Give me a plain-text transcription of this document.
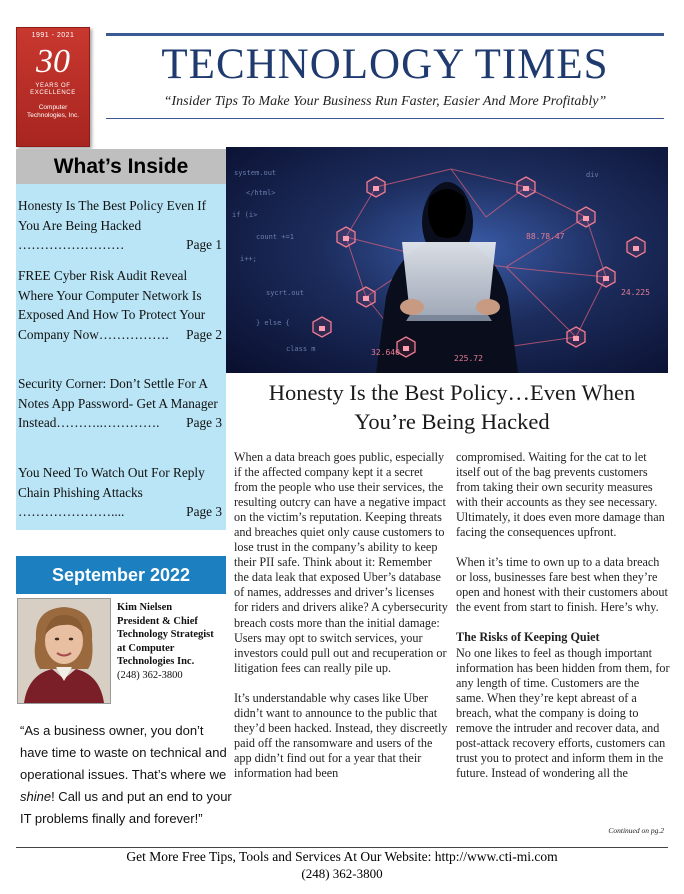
1991 - 2021
30
YEARS OF
EXCELLENCE
Computer Technologies, Inc.
TECHNOLOGY TIMES
“Insider Tips To Make Your Business Run Faster, Easier And More Profitably”
What’s Inside
Honesty Is The Best Policy Even If You Are Being Hacked ……………………	Page 1
FREE Cyber Risk Audit Reveal Where Your Computer Network Is Exposed And How To Protect Your Company Now……………. Page 2
Security Corner: Don’t Settle For A Notes App Password- Get A Manager Instead………..…………. Page 3
You Need To Watch Out For Reply Chain Phishing Attacks …………………....	Page 3
September 2022
Kim Nielsen
President & Chief Technology Strategist at Computer Technologies Inc.
(248) 362-3800
“As a business owner, you don’t have time to waste on technical and operational issues. That’s where we shine! Call us and put an end to your IT problems finally and forever!”
system.out
</html>
if (i>
count +=1
i++;
sycrt.out
} else {
class m
div
88.78.47
24.225
32.640
225.72
Honesty Is the Best Policy…Even When You’re Being Hacked

When a data breach goes public, especially if the affected company kept it a secret from the people who use their services, the resulting outcry can have a negative impact on the victim’s reputation. Keeping threats and breaches quiet only cause customers to lose trust in the company’s ability to keep their PII safe. Think about it: Remember the data leak that exposed Uber’s database of names, addresses and driver’s licenses for riders and drivers alike? A cybersecurity breach costs more than the initial damage: Users may opt to switch services, your investors could pull out and recuperation or litigation fees can really pile up.

It’s understandable why cases like Uber didn’t want to announce to the public that they’d been hacked. Instead, they discreetly paid off the ransomware and users of the app didn’t find out for a year that their information had been

compromised. Waiting for the cat to let itself out of the bag prevents customers from taking their own security measures with their accounts as they see necessary. Ultimately, it does even more damage than facing the consequences upfront.

When it’s time to own up to a data breach or loss, businesses fare best when they’re open and honest with their customers about the event from start to finish. Here’s why.

The Risks of Keeping Quiet

No one likes to feel as though important information has been hidden from them, for any length of time. Customers are the same. When they’re kept abreast of a breach, what the company is doing to remove the intruder and recover data, and post-attack recovery efforts, customers can trust you to protect and inform them in the future. Instead of wondering all the

Continued on pg.2
Get More Free Tips, Tools and Services At Our Website: http://www.cti-mi.com
(248) 362-3800
